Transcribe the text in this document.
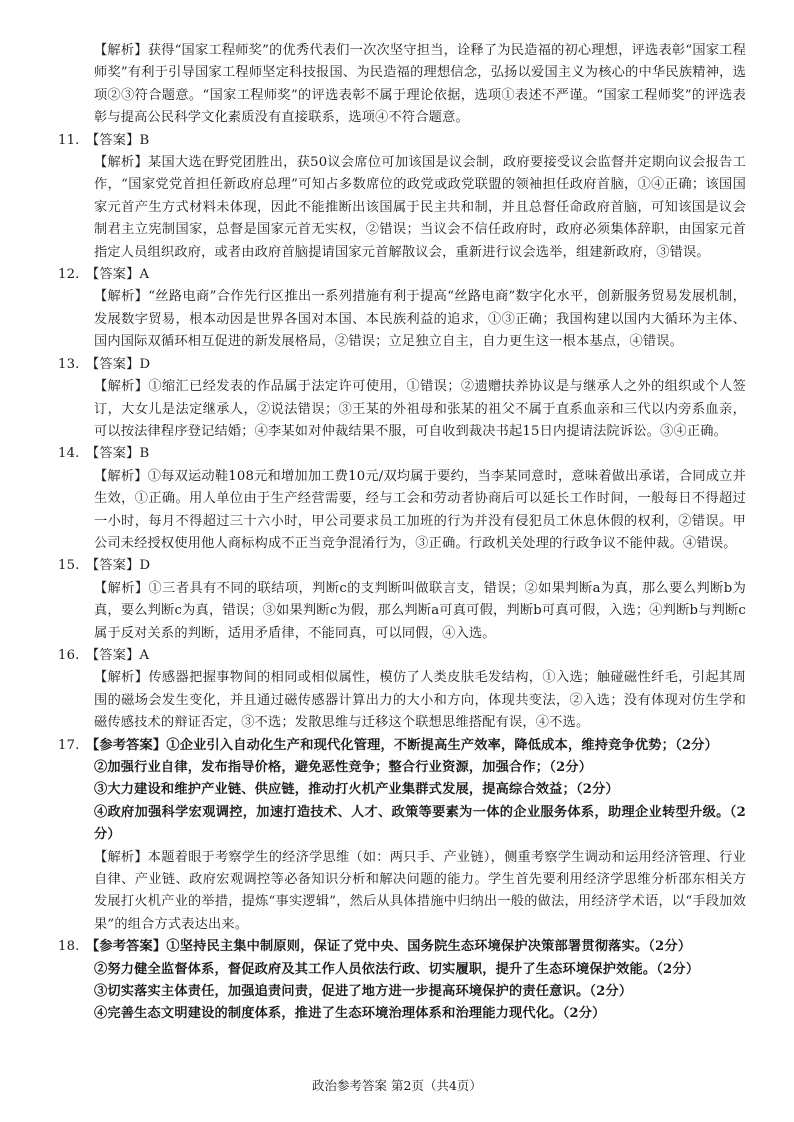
【解析】获得“国家工程师奖”的优秀代表们一次次坚守担当，诠释了为民造福的初心理想，评选表彰“国家工程师奖”有利于引导国家工程师坚定科技报国、为民造福的理想信念，弘扬以爱国主义为核心的中华民族精神，选项②③符合题意。“国家工程师奖”的评选表彰不属于理论依据，选项①表述不严谨。“国家工程师奖”的评选表彰与提高公民科学文化素质没有直接联系，选项④不符合题意。

11. 【答案】B

【解析】某国大选在野党团胜出，获50议会席位可加该国是议会制，政府要接受议会监督并定期向议会报告工作，“国家党党首担任新政府总理”可知占多数席位的政党或政党联盟的领袖担任政府首脑，①④正确；该国国家元首产生方式材料未体现，因此不能推断出该国属于民主共和制，并且总督任命政府首脑，可知该国是议会制君主立宪制国家，总督是国家元首无实权，②错误；当议会不信任政府时，政府必须集体辞职，由国家元首指定人员组织政府，或者由政府首脑提请国家元首解散议会，重新进行议会选举，组建新政府，③错误。

12. 【答案】A

【解析】“丝路电商”合作先行区推出一系列措施有利于提高“丝路电商”数字化水平，创新服务贸易发展机制，发展数字贸易，根本动因是世界各国对本国、本民族利益的追求，①③正确；我国构建以国内大循环为主体、国内国际双循环相互促进的新发展格局，②错误；立足独立自主，自力更生这一根本基点，④错误。

13. 【答案】D

【解析】①缩汇已经发表的作品属于法定许可使用，①错误；②遗赠扶养协议是与继承人之外的组织或个人签订，大女儿是法定继承人，②说法错误；③王某的外祖母和张某的祖父不属于直系血亲和三代以内旁系血亲，可以按法律程序登记结婚；④李某如对仲裁结果不服，可自收到裁决书起15日内提请法院诉讼。③④正确。

14. 【答案】B

【解析】①每双运动鞋108元和增加加工费10元/双均属于要约，当李某同意时，意味着做出承诺，合同成立并生效，①正确。用人单位由于生产经营需要，经与工会和劳动者协商后可以延长工作时间，一般每日不得超过一小时，每月不得超过三十六小时，甲公司要求员工加班的行为并没有侵犯员工休息休假的权利，②错误。甲公司未经授权使用他人商标构成不正当竞争混淆行为，③正确。行政机关处理的行政争议不能仲裁。④错误。

15. 【答案】D

【解析】①三者具有不同的联结项，判断c的支判断叫做联言支，错误；②如果判断a为真，那么要么判断b为真，要么判断c为真，错误；③如果判断c为假，那么判断a可真可假，判断b可真可假，入选；④判断b与判断c属于反对关系的判断，适用矛盾律，不能同真，可以同假，④入选。

16. 【答案】A

【解析】传感器把握事物间的相同或相似属性，模仿了人类皮肤毛发结构，①入选；触碰磁性纤毛，引起其周围的磁场会发生变化，并且通过磁传感器计算出力的大小和方向，体现共变法，②入选；没有体现对仿生学和磁传感技术的辩证否定，③不选；发散思维与迁移这个联想思维搭配有误，④不选。

17. 【参考答案】①企业引入自动化生产和现代化管理，不断提高生产效率，降低成本，维持竞争优势；（2分）

②加强行业自律，发布指导价格，避免恶性竞争；整合行业资源，加强合作；（2分）

③大力建设和维护产业链、供应链，推动打火机产业集群式发展，提高综合效益；（2分）

④政府加强科学宏观调控，加速打造技术、人才、政策等要素为一体的企业服务体系，助理企业转型升级。（2分）

【解析】本题着眼于考察学生的经济学思维（如：两只手、产业链），侧重考察学生调动和运用经济管理、行业自律、产业链、政府宏观调控等必备知识分析和解决问题的能力。学生首先要利用经济学思维分析邵东相关方发展打火机产业的举措，提炼“事实逻辑”，然后从具体措施中归纳出一般的做法，用经济学术语，以“手段加效果”的组合方式表达出来。

18. 【参考答案】①坚持民主集中制原则，保证了党中央、国务院生态环境保护决策部署贯彻落实。（2分）

②努力健全监督体系，督促政府及其工作人员依法行政、切实履职，提升了生态环境保护效能。（2分）

③切实落实主体责任，加强追责问责，促进了地方进一步提高环境保护的责任意识。（2分）

④完善生态文明建设的制度体系，推进了生态环境治理体系和治理能力现代化。（2分）

政治参考答案 第2页（共4页）
